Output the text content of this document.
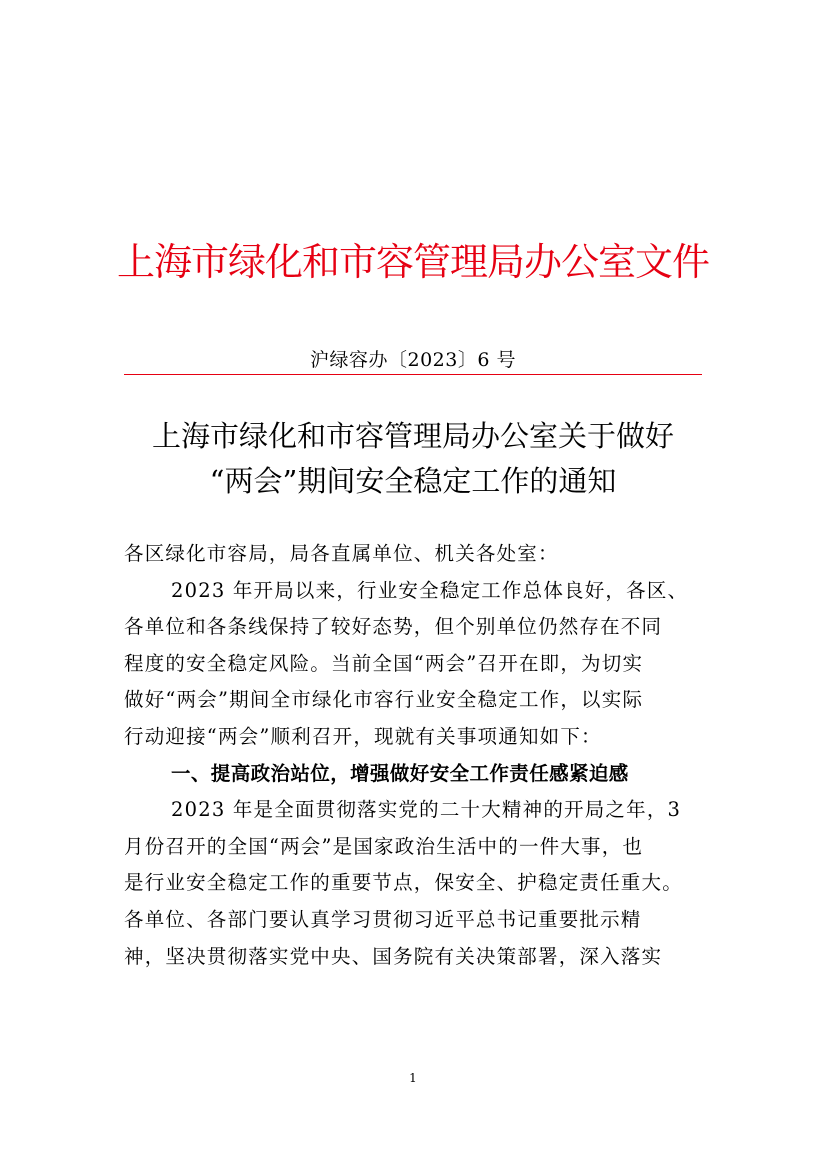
上海市绿化和市容管理局办公室文件
沪绿容办〔2023〕6 号
上海市绿化和市容管理局办公室关于做好
“两会”期间安全稳定工作的通知

各区绿化市容局，局各直属单位、机关各处室：

2023 年开局以来，行业安全稳定工作总体良好，各区、

各单位和各条线保持了较好态势，但个别单位仍然存在不同

程度的安全稳定风险。当前全国“两会”召开在即，为切实

做好“两会”期间全市绿化市容行业安全稳定工作，以实际

行动迎接“两会”顺利召开，现就有关事项通知如下：

一、提高政治站位，增强做好安全工作责任感紧迫感

2023 年是全面贯彻落实党的二十大精神的开局之年，3

月份召开的全国“两会”是国家政治生活中的一件大事，也

是行业安全稳定工作的重要节点，保安全、护稳定责任重大。

各单位、各部门要认真学习贯彻习近平总书记重要批示精

神，坚决贯彻落实党中央、国务院有关决策部署，深入落实

1
